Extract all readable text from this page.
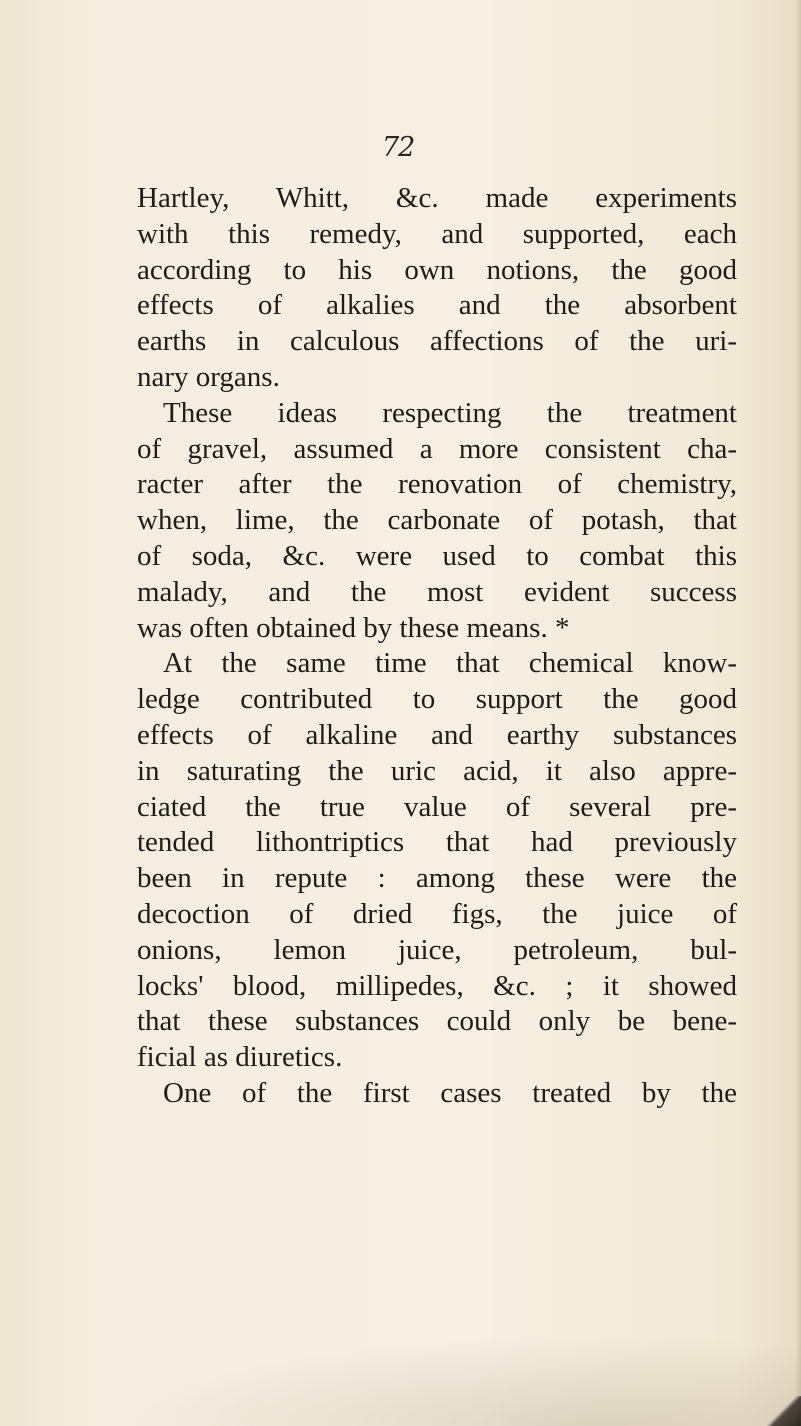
72
Hartley, Whitt, &c. made experiments
with this remedy, and supported, each
according to his own notions, the good
effects of alkalies and the absorbent
earths in calculous affections of the uri-
nary organs.
These ideas respecting the treatment
of gravel, assumed a more consistent cha-
racter after the renovation of chemistry,
when, lime, the carbonate of potash, that
of soda, &c. were used to combat this
malady, and the most evident success
was often obtained by these means. *
At the same time that chemical know-
ledge contributed to support the good
effects of alkaline and earthy substances
in saturating the uric acid, it also appre-
ciated the true value of several pre-
tended lithontriptics that had previously
been in repute : among these were the
decoction of dried figs, the juice of
onions, lemon juice, petroleum, bul-
locks' blood, millipedes, &c. ; it showed
that these substances could only be bene-
ficial as diuretics.
One of the first cases treated by the
